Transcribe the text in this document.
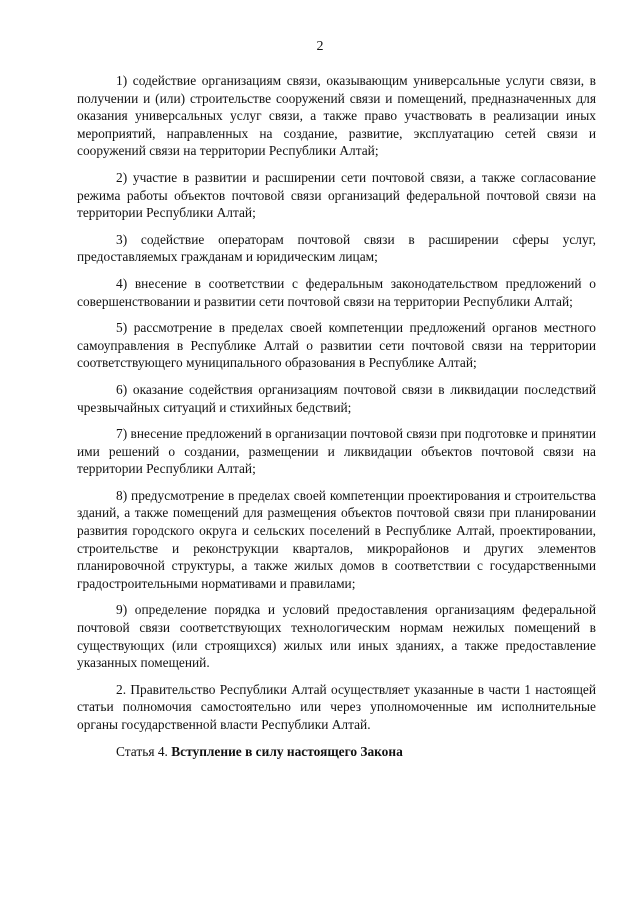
2

1) содействие организациям связи, оказывающим универсальные услуги связи, в получении и (или) строительстве сооружений связи и помещений, предназначенных для оказания универсальных услуг связи, а также право участвовать в реализации иных мероприятий, направленных на создание, развитие, эксплуатацию сетей связи и сооружений связи на территории Республики Алтай;

2) участие в развитии и расширении сети почтовой связи, а также согласование режима работы объектов почтовой связи организаций федеральной почтовой связи на территории Республики Алтай;

3) содействие операторам почтовой связи в расширении сферы услуг, предоставляемых гражданам и юридическим лицам;

4) внесение в соответствии с федеральным законодательством предложений о совершенствовании и развитии сети почтовой связи на территории Республики Алтай;

5) рассмотрение в пределах своей компетенции предложений органов местного самоуправления в Республике Алтай о развитии сети почтовой связи на территории соответствующего муниципального образования в Республике Алтай;

6) оказание содействия организациям почтовой связи в ликвидации последствий чрезвычайных ситуаций и стихийных бедствий;

7) внесение предложений в организации почтовой связи при подготовке и принятии ими решений о создании, размещении и ликвидации объектов почтовой связи на территории Республики Алтай;

8) предусмотрение в пределах своей компетенции проектирования и строительства зданий, а также помещений для размещения объектов почтовой связи при планировании развития городского округа и сельских поселений в Республике Алтай, проектировании, строительстве и реконструкции кварталов, микрорайонов и других элементов планировочной структуры, а также жилых домов в соответствии с государственными градостроительными нормативами и правилами;

9) определение порядка и условий предоставления организациям федеральной почтовой связи соответствующих технологическим нормам нежилых помещений в существующих (или строящихся) жилых или иных зданиях, а также предоставление указанных помещений.

2. Правительство Республики Алтай осуществляет указанные в части 1 настоящей статьи полномочия самостоятельно или через уполномоченные им исполнительные органы государственной власти Республики Алтай.

Статья 4. Вступление в силу настоящего Закона
